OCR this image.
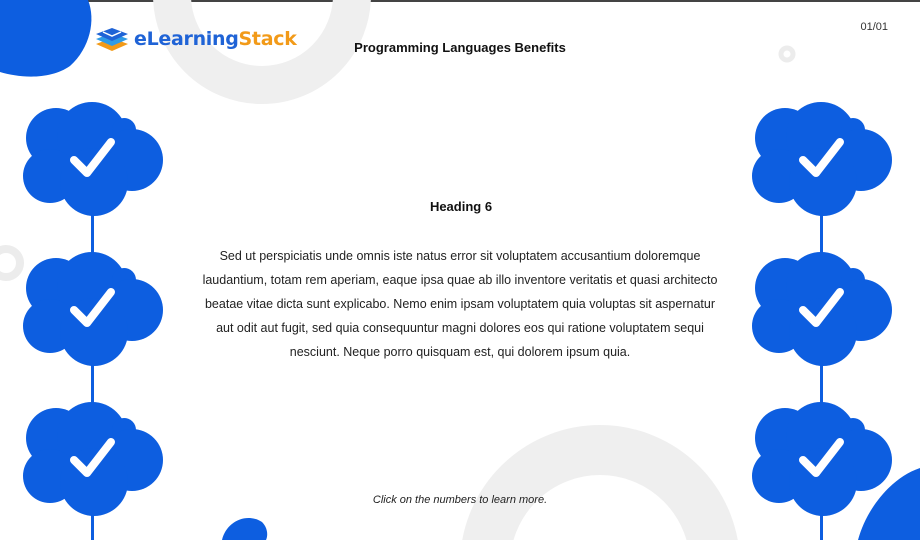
eLearningStack	Programming Languages Benefits
01/01
Heading 6
Sed ut perspiciatis unde omnis iste natus error sit voluptatem accusantium doloremque laudantium, totam rem aperiam, eaque ipsa quae ab illo inventore veritatis et quasi architecto beatae vitae dicta sunt explicabo. Nemo enim ipsam voluptatem quia voluptas sit aspernatur aut odit aut fugit, sed quia consequuntur magni dolores eos qui ratione voluptatem sequi nesciunt. Neque porro quisquam est, qui dolorem ipsum quia.
Click on the numbers to learn more.
